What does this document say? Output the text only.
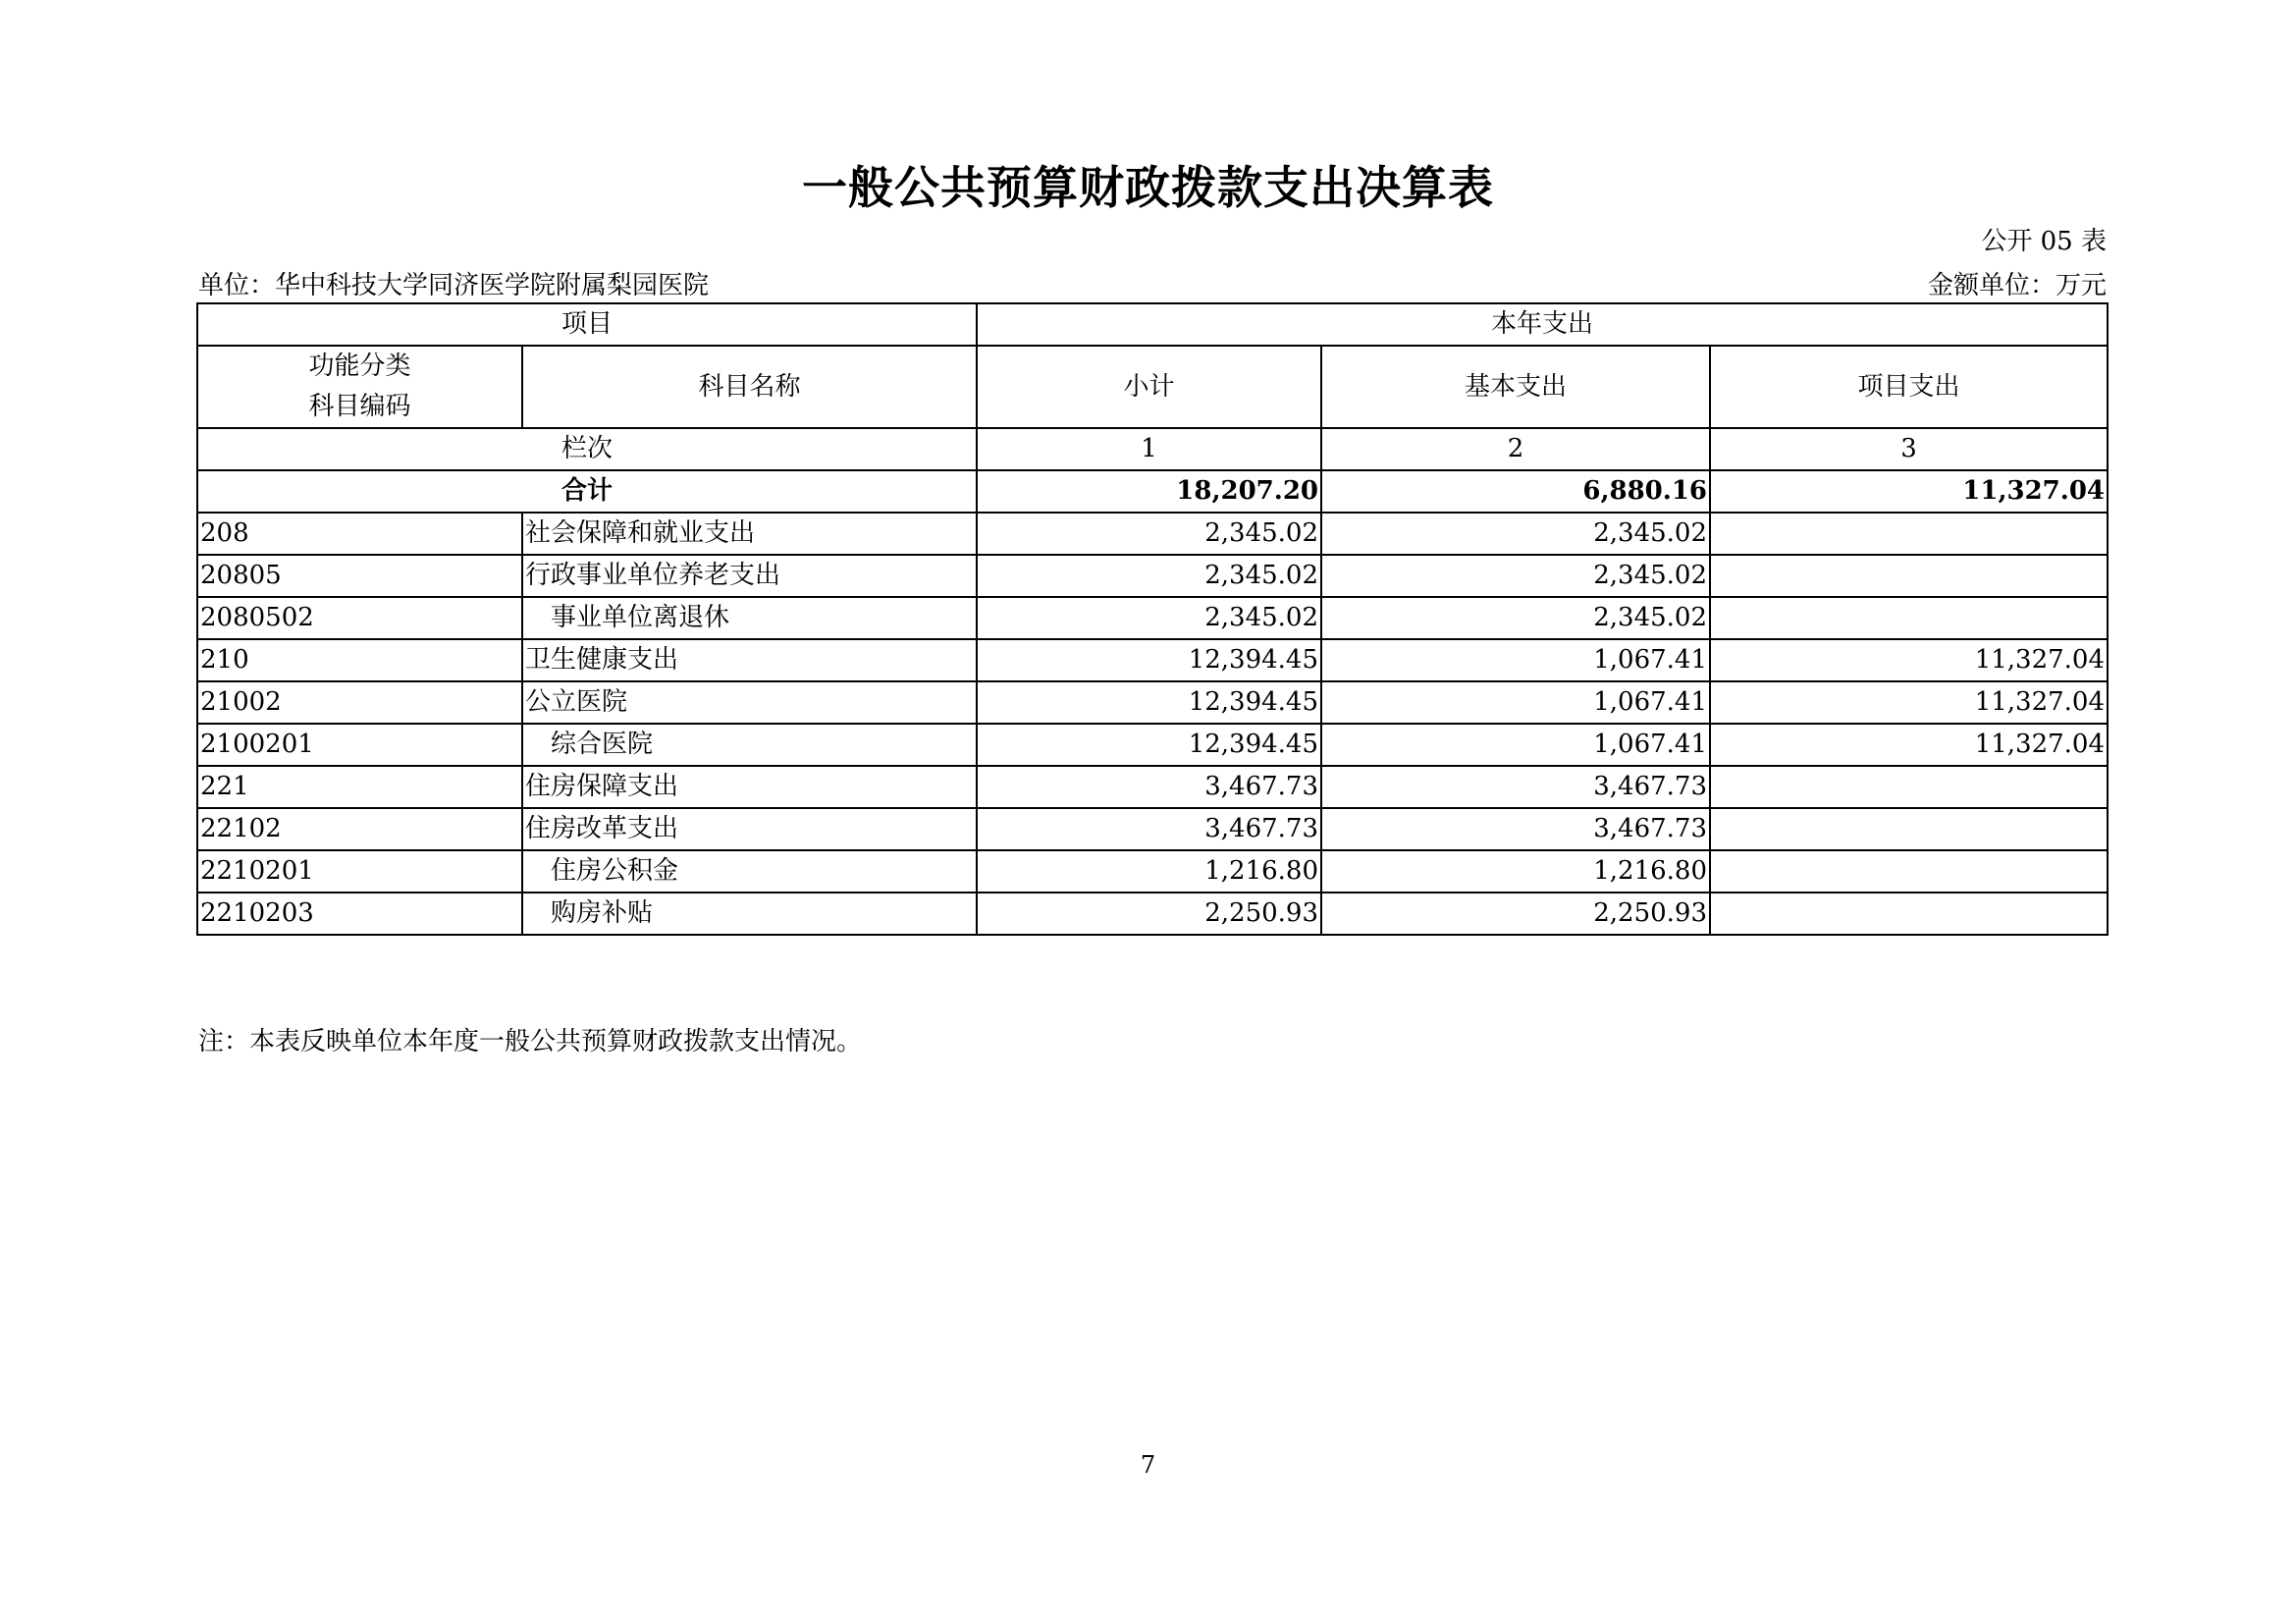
一般公共预算财政拨款支出决算表
公开 05 表
单位：华中科技大学同济医学院附属梨园医院	金额单位：万元
项目		本年支出		

功能分类
科目编码	科目名称	小计	基本支出	项目支出
栏次		1	2	3
合计		18,207.20	6,880.16	11,327.04
208	社会保障和就业支出	2,345.02	2,345.02	
20805	行政事业单位养老支出	2,345.02	2,345.02	
2080502	事业单位离退休	2,345.02	2,345.02	
210	卫生健康支出	12,394.45	1,067.41	11,327.04
21002	公立医院	12,394.45	1,067.41	11,327.04
2100201	综合医院	12,394.45	1,067.41	11,327.04
221	住房保障支出	3,467.73	3,467.73	
22102	住房改革支出	3,467.73	3,467.73	
2210201	住房公积金	1,216.80	1,216.80	
2210203	购房补贴	2,250.93	2,250.93	
注：本表反映单位本年度一般公共预算财政拨款支出情况。
7
